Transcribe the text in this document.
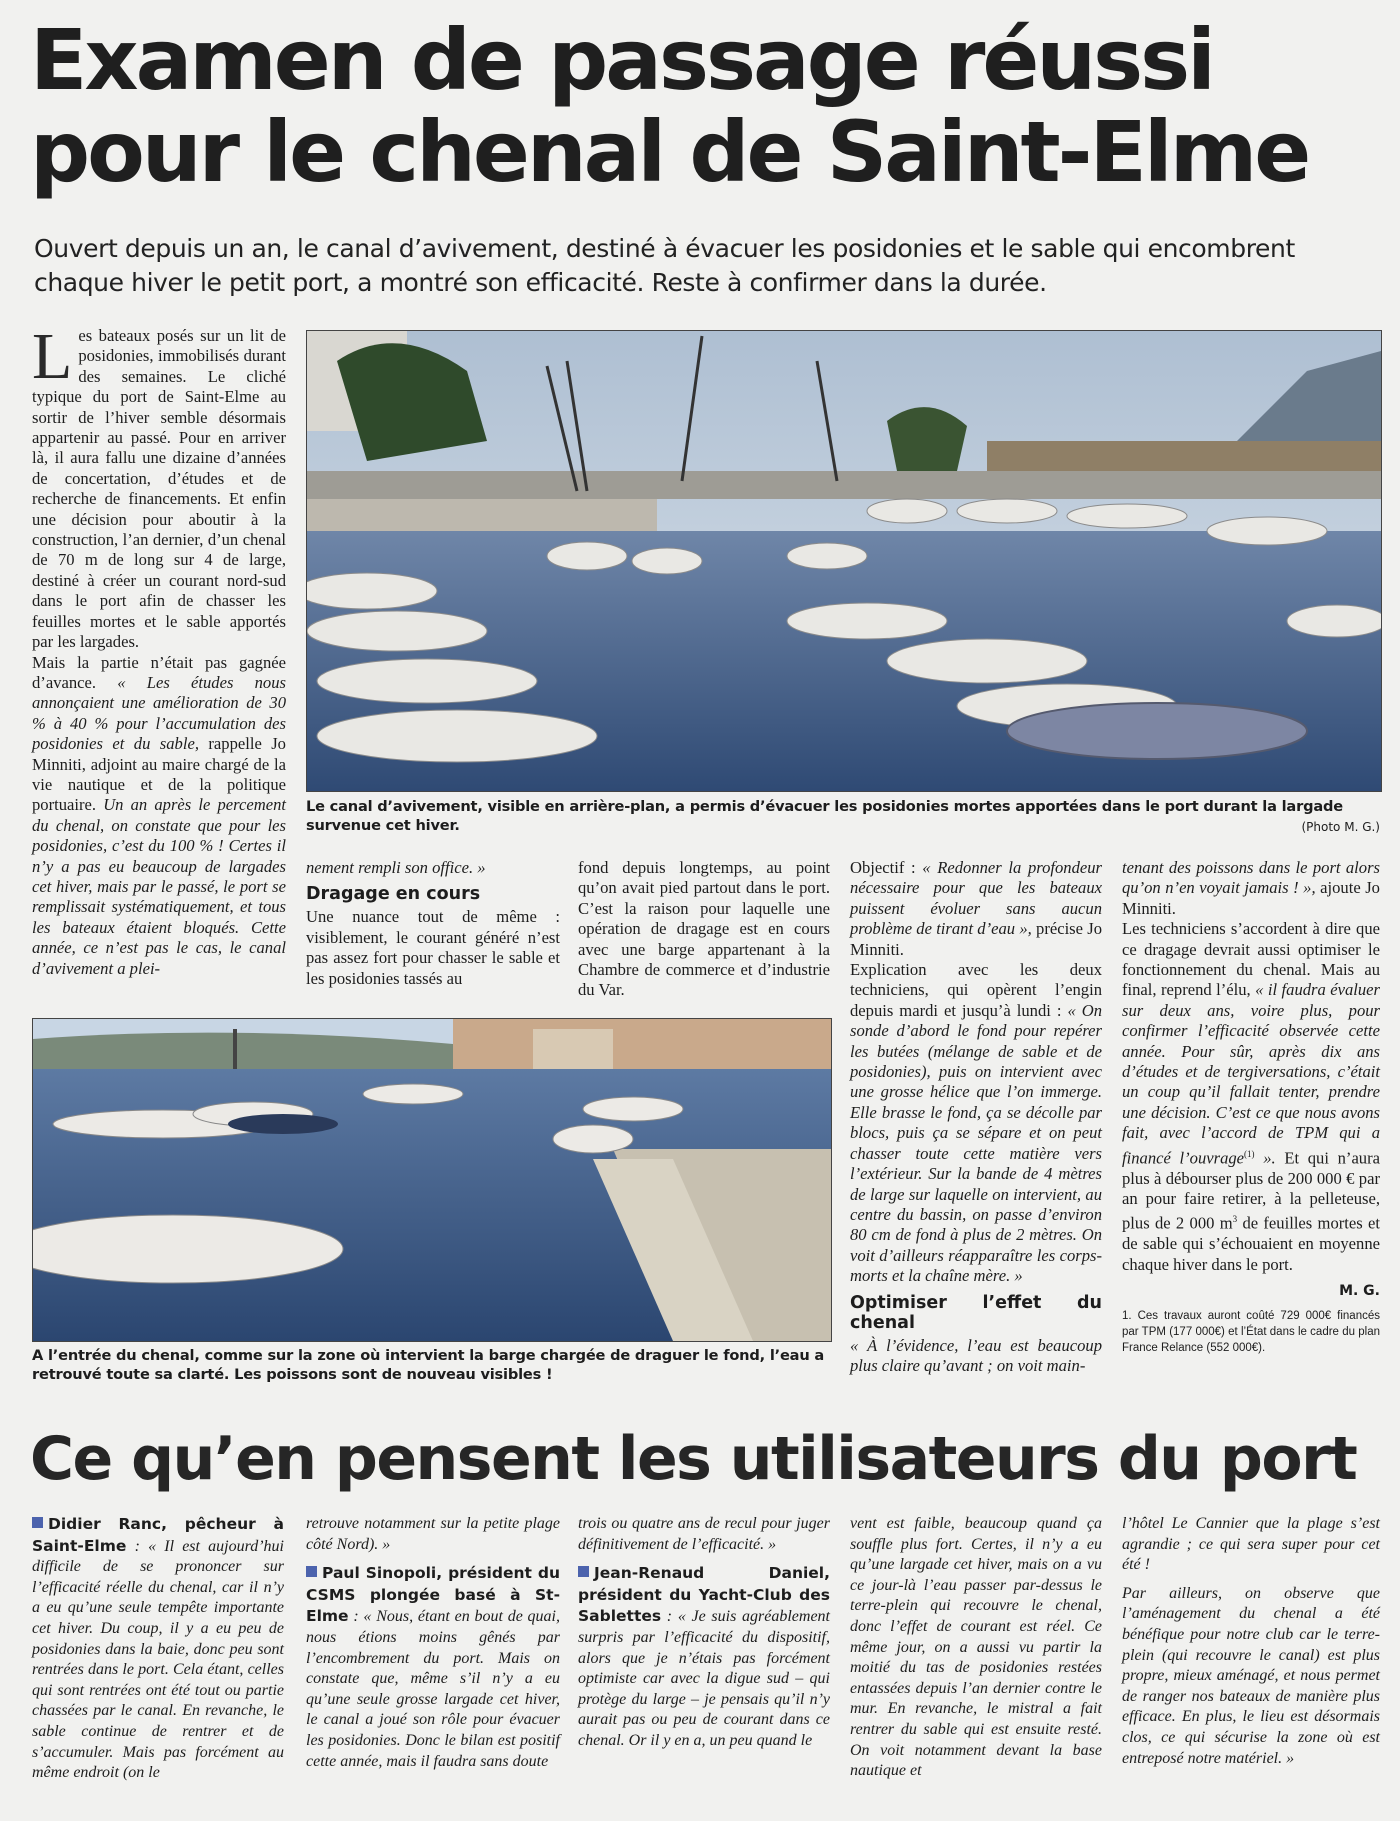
Examen de passage réussi
pour le chenal de Saint-Elme

Ouvert depuis un an, le canal d’avivement, destiné à évacuer les posidonies et le sable qui encombrent chaque hiver le petit port, a montré son efficacité. Reste à confirmer dans la durée.

L es bateaux posés sur un lit de posidonies, immobilisés durant des semaines. Le cliché typique du port de Saint-Elme au sortir de l’hiver semble désormais appartenir au passé. Pour en arriver là, il aura fallu une dizaine d’années de concertation, d’études et de recherche de financements. Et enfin une décision pour aboutir à la construction, l’an dernier, d’un chenal de 70 m de long sur 4 de large, destiné à créer un courant nord-sud dans le port afin de chasser les feuilles mortes et le sable apportés par les largades.

Mais la partie n’était pas gagnée d’avance. « Les études nous annonçaient une amélioration de 30 % à 40 % pour l’accumulation des posidonies et du sable, rappelle Jo Minniti, adjoint au maire chargé de la vie nautique et de la politique portuaire. Un an après le percement du chenal, on constate que pour les posidonies, c’est du 100 % ! Certes il n’y a pas eu beaucoup de largades cet hiver, mais par le passé, le port se remplissait systématiquement, et tous les bateaux étaient bloqués. Cette année, ce n’est pas le cas, le canal d’avivement a plei-

Le canal d’avivement, visible en arrière-plan, a permis d’évacuer les posidonies mortes apportées dans le port durant la largade survenue cet hiver.	(Photo M. G.)

nement rempli son office. »

Dragage en cours

Une nuance tout de même : visiblement, le courant généré n’est pas assez fort pour chasser le sable et les posidonies tassés au

fond depuis longtemps, au point qu’on avait pied partout dans le port. C’est la raison pour laquelle une opération de dragage est en cours avec une barge appartenant à la Chambre de commerce et d’industrie du Var.

Objectif : « Redonner la profondeur nécessaire pour que les bateaux puissent évoluer sans aucun problème de tirant d’eau », précise Jo Minniti.

Explication avec les deux techniciens, qui opèrent l’engin depuis mardi et jusqu’à lundi : « On sonde d’abord le fond pour repérer les butées (mélange de sable et de posidonies), puis on intervient avec une grosse hélice que l’on immerge. Elle brasse le fond, ça se décolle par blocs, puis ça se sépare et on peut chasser toute cette matière vers l’extérieur. Sur la bande de 4 mètres de large sur laquelle on intervient, au centre du bassin, on passe d’environ 80 cm de fond à plus de 2 mètres. On voit d’ailleurs réapparaître les corps-morts et la chaîne mère. »

Optimiser l’effet du chenal

« À l’évidence, l’eau est beaucoup plus claire qu’avant ; on voit main-

tenant des poissons dans le port alors qu’on n’en voyait jamais ! », ajoute Jo Minniti.

Les techniciens s’accordent à dire que ce dragage devrait aussi optimiser le fonctionnement du chenal. Mais au final, reprend l’élu, « il faudra évaluer sur deux ans, voire plus, pour confirmer l’efficacité observée cette année. Pour sûr, après dix ans d’études et de tergiversations, c’était un coup qu’il fallait tenter, prendre une décision. C’est ce que nous avons fait, avec l’accord de TPM qui a financé l’ouvrage$^{(1)}$ ». Et qui n’aura plus à débourser plus de 200 000 € par an pour faire retirer, à la pelleteuse, plus de 2 000 $m^3$ de feuilles mortes et de sable qui s’échouaient en moyenne chaque hiver dans le port.

M. G.
1. Ces travaux auront coûté 729 000€ financés par TPM (177 000€) et l’État dans le cadre du plan France Relance (552 000€).

A l’entrée du chenal, comme sur la zone où intervient la barge chargée de draguer le fond, l’eau a retrouvé toute sa clarté. Les poissons sont de nouveau visibles !

Ce qu’en pensent les utilisateurs du port

Didier Ranc, pêcheur à Saint-Elme : « Il est aujourd’hui difficile de se prononcer sur l’efficacité réelle du chenal, car il n’y a eu qu’une seule tempête importante cet hiver. Du coup, il y a eu peu de posidonies dans la baie, donc peu sont rentrées dans le port. Cela étant, celles qui sont rentrées ont été tout ou partie chassées par le canal. En revanche, le sable continue de rentrer et de s’accumuler. Mais pas forcément au même endroit (on le

retrouve notamment sur la petite plage côté Nord). »

Paul Sinopoli, président du CSMS plongée basé à St-Elme : « Nous, étant en bout de quai, nous étions moins gênés par l’encombrement du port. Mais on constate que, même s’il n’y a eu qu’une seule grosse largade cet hiver, le canal a joué son rôle pour évacuer les posidonies. Donc le bilan est positif cette année, mais il faudra sans doute

trois ou quatre ans de recul pour juger définitivement de l’efficacité. »

Jean-Renaud Daniel, président du Yacht-Club des Sablettes : « Je suis agréablement surpris par l’efficacité du dispositif, alors que je n’étais pas forcément optimiste car avec la digue sud – qui protège du large – je pensais qu’il n’y aurait pas ou peu de courant dans ce chenal. Or il y en a, un peu quand le

vent est faible, beaucoup quand ça souffle plus fort. Certes, il n’y a eu qu’une largade cet hiver, mais on a vu ce jour-là l’eau passer par-dessus le terre-plein qui recouvre le chenal, donc l’effet de courant est réel. Ce même jour, on a aussi vu partir la moitié du tas de posidonies restées entassées depuis l’an dernier contre le mur. En revanche, le mistral a fait rentrer du sable qui est ensuite resté. On voit notamment devant la base nautique et

l’hôtel Le Cannier que la plage s’est agrandie ; ce qui sera super pour cet été !

Par ailleurs, on observe que l’aménagement du chenal a été bénéfique pour notre club car le terre-plein (qui recouvre le canal) est plus propre, mieux aménagé, et nous permet de ranger nos bateaux de manière plus efficace. En plus, le lieu est désormais clos, ce qui sécurise la zone où est entreposé notre matériel. »
